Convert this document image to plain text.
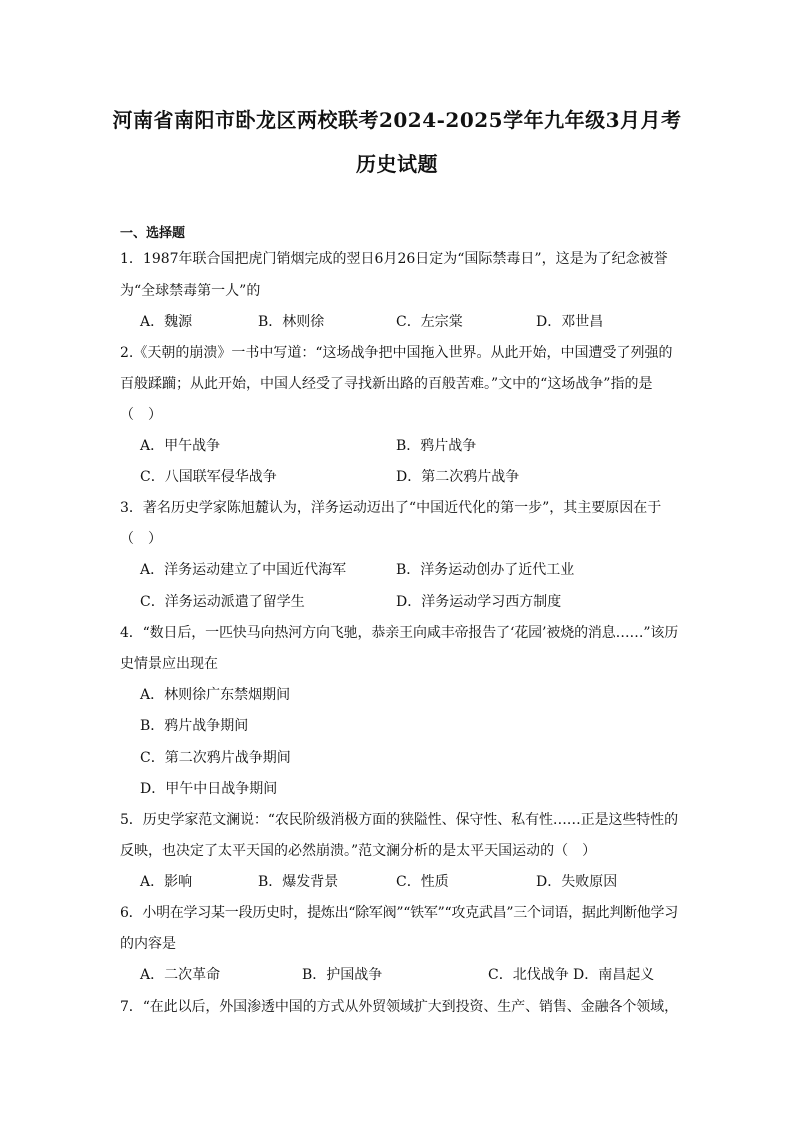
河南省南阳市卧龙区两校联考2024-2025学年九年级3月月考
历史试题
一、选择题
1．1987年联合国把虎门销烟完成的翌日6月26日定为“国际禁毒日”，这是为了纪念被誉
为“全球禁毒第一人”的
A．魏源	B．林则徐	C．左宗棠	D．邓世昌
2.《天朝的崩溃》一书中写道：“这场战争把中国拖入世界。从此开始，中国遭受了列强的
百般蹂躏；从此开始，中国人经受了寻找新出路的百般苦难。”文中的“这场战争”指的是
（　）
A．甲午战争	B．鸦片战争
C．八国联军侵华战争	D．第二次鸦片战争
3．著名历史学家陈旭麓认为，洋务运动迈出了“中国近代化的第一步”，其主要原因在于
（　）
A．洋务运动建立了中国近代海军	B．洋务运动创办了近代工业
C．洋务运动派遣了留学生	D．洋务运动学习西方制度
4．“数日后，一匹快马向热河方向飞驰，恭亲王向咸丰帝报告了‘花园’被烧的消息……”该历
史情景应出现在
A．林则徐广东禁烟期间
B．鸦片战争期间
C．第二次鸦片战争期间
D．甲午中日战争期间
5．历史学家范文澜说：“农民阶级消极方面的狭隘性、保守性、私有性……正是这些特性的
反映，也决定了太平天国的必然崩溃。”范文澜分析的是太平天国运动的（　）
A．影响	B．爆发背景	C．性质	D．失败原因
6．小明在学习某一段历史时，提炼出“除军阀”“铁军”“攻克武昌”三个词语，据此判断他学习
的内容是
A．二次革命	B．护国战争	C．北伐战争 D．南昌起义
7．“在此以后，外国渗透中国的方式从外贸领域扩大到投资、生产、销售、金融各个领域，
